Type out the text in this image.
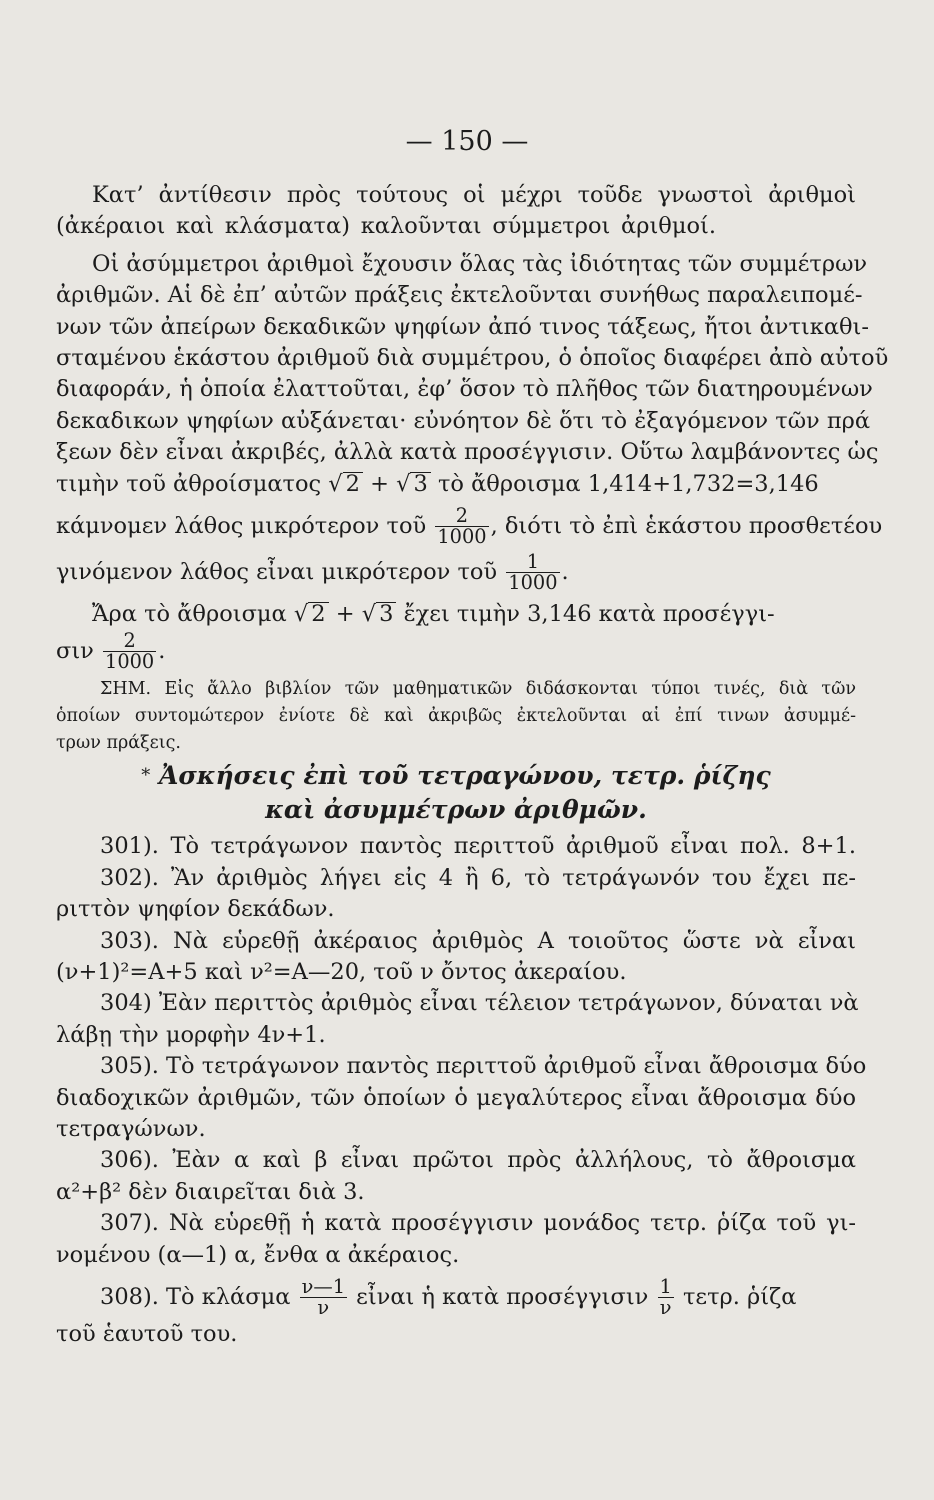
— 150 —
Κατ’ ἀντίθεσιν πρὸς τούτους οἱ μέχρι τοῦδε γνωστοὶ ἀριθμοὶ
(ἀκέραιοι καὶ κλάσματα) καλοῦνται σύμμετροι ἀριθμοί.
Οἱ ἀσύμμετροι ἀριθμοὶ ἔχουσιν ὅλας τὰς ἰδιότητας τῶν συμμέτρων
ἀριθμῶν. Αἱ δὲ ἐπ’ αὐτῶν πράξεις ἐκτελοῦνται συνήθως παραλειπομέ-
νων τῶν ἀπείρων δεκαδικῶν ψηφίων ἀπό τινος τάξεως, ἤτοι ἀντικαθι-
σταμένου ἑκάστου ἀριθμοῦ διὰ συμμέτρου, ὁ ὁποῖος διαφέρει ἀπὸ αὐτοῦ
διαφοράν, ἡ ὁποία ἐλαττοῦται, ἐφ’ ὅσον τὸ πλῆθος τῶν διατηρουμένων
δεκαδικων ψηφίων αὐξάνεται· εὐνόητον δὲ ὅτι τὸ ἐξαγόμενον τῶν πρά
ξεων δὲν εἶναι ἀκριβές, ἀλλὰ κατὰ προσέγγισιν. Οὕτω λαμβάνοντες ὡς
τιμὴν τοῦ ἀθροίσματος √ 2 + √ 3 τὸ ἄθροισμα 1,414+1,732=3,146
κάμνομεν λάθος μικρότερον τοῦ $\frac{2}{1000}$ , διότι τὸ ἐπὶ ἑκάστου προσθετέου
γινόμενον λάθος εἶναι μικρότερον τοῦ $\frac{1}{1000}$ .
Ἄρα τὸ ἄθροισμα √ 2 + √ 3 ἔχει τιμὴν 3,146 κατὰ προσέγγι-
σιν $\frac{2}{1000}$ .
ΣΗΜ. Εἰς ἄλλο βιβλίον τῶν μαθηματικῶν διδάσκονται τύποι τινές, διὰ τῶν
ὁποίων συντομώτερον ἐνίοτε δὲ καὶ ἀκριβῶς ἐκτελοῦνται αἱ ἐπί τινων ἀσυμμέ-
τρων πράξεις.
* Ἀσκήσεις ἐπὶ τοῦ τετραγώνου, τετρ. ῥίζης
καὶ ἀσυμμέτρων ἀριθμῶν.
301). Τὸ τετράγωνον παντὸς περιττοῦ ἀριθμοῦ εἶναι πολ. 8+1.
302). Ἂν ἀριθμὸς λήγει εἰς 4 ἢ 6, τὸ τετράγωνόν του ἔχει πε-
ριττὸν ψηφίον δεκάδων.
303). Νὰ εὑρεθῇ ἀκέραιος ἀριθμὸς Α τοιοῦτος ὥστε νὰ εἶναι
(ν+1)²=Α+5 καὶ ν²=Α—20, τοῦ ν ὄντος ἀκεραίου.
304) Ἐὰν περιττὸς ἀριθμὸς εἶναι τέλειον τετράγωνον, δύναται νὰ
λάβῃ τὴν μορφὴν 4ν+1.
305). Τὸ τετράγωνον παντὸς περιττοῦ ἀριθμοῦ εἶναι ἄθροισμα δύο
διαδοχικῶν ἀριθμῶν, τῶν ὁποίων ὁ μεγαλύτερος εἶναι ἄθροισμα δύο
τετραγώνων.
306). Ἐὰν α καὶ β εἶναι πρῶτοι πρὸς ἀλλήλους, τὸ ἄθροισμα
α²+β² δὲν διαιρεῖται διὰ 3.
307). Νὰ εὑρεθῇ ἡ κατὰ προσέγγισιν μονάδος τετρ. ῥίζα τοῦ γι-
νομένου (α—1) α, ἔνθα α ἀκέραιος.
308). Τὸ κλάσμα $\frac{\nu—1}{\nu}$ εἶναι ἡ κατὰ προσέγγισιν $\frac{1}{\nu} \tau\varepsilon\tau\rho$. ῥίζα
τοῦ ἑαυτοῦ του.
